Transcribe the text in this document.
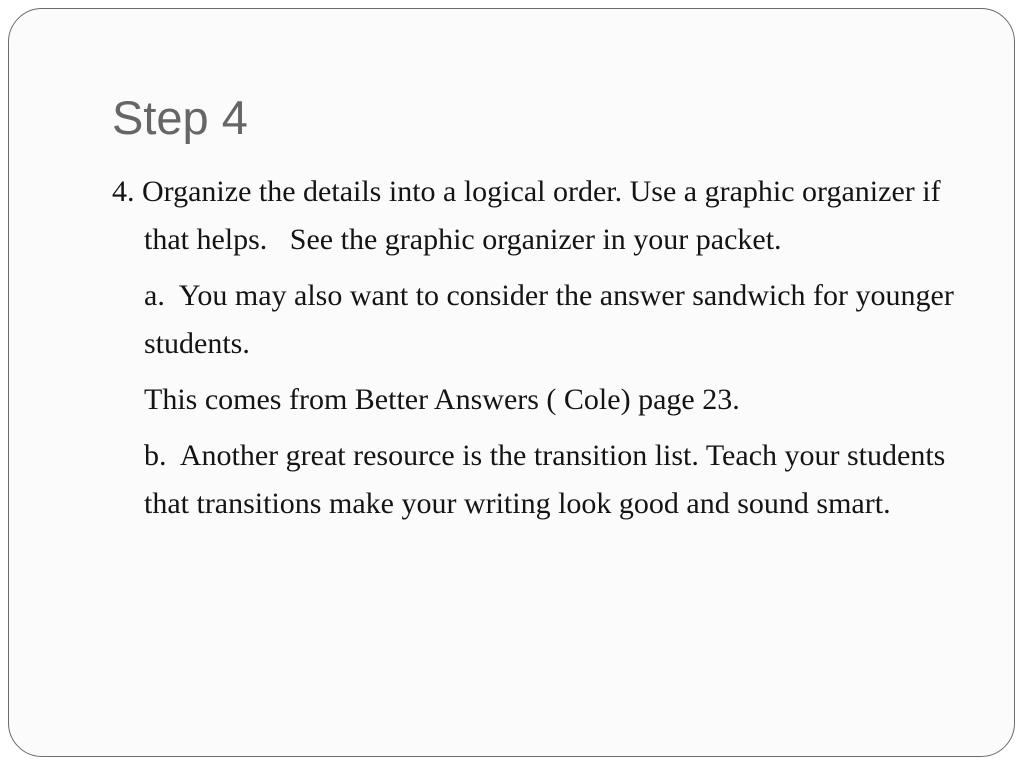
Step 4

4. Organize the details into a logical order. Use a graphic organizer if that helps.   See the graphic organizer in your packet.

a.  You may also want to consider the answer sandwich for younger students.

This comes from Better Answers ( Cole) page 23.

b.  Another great resource is the transition list. Teach your students that transitions make your writing look good and sound smart.
